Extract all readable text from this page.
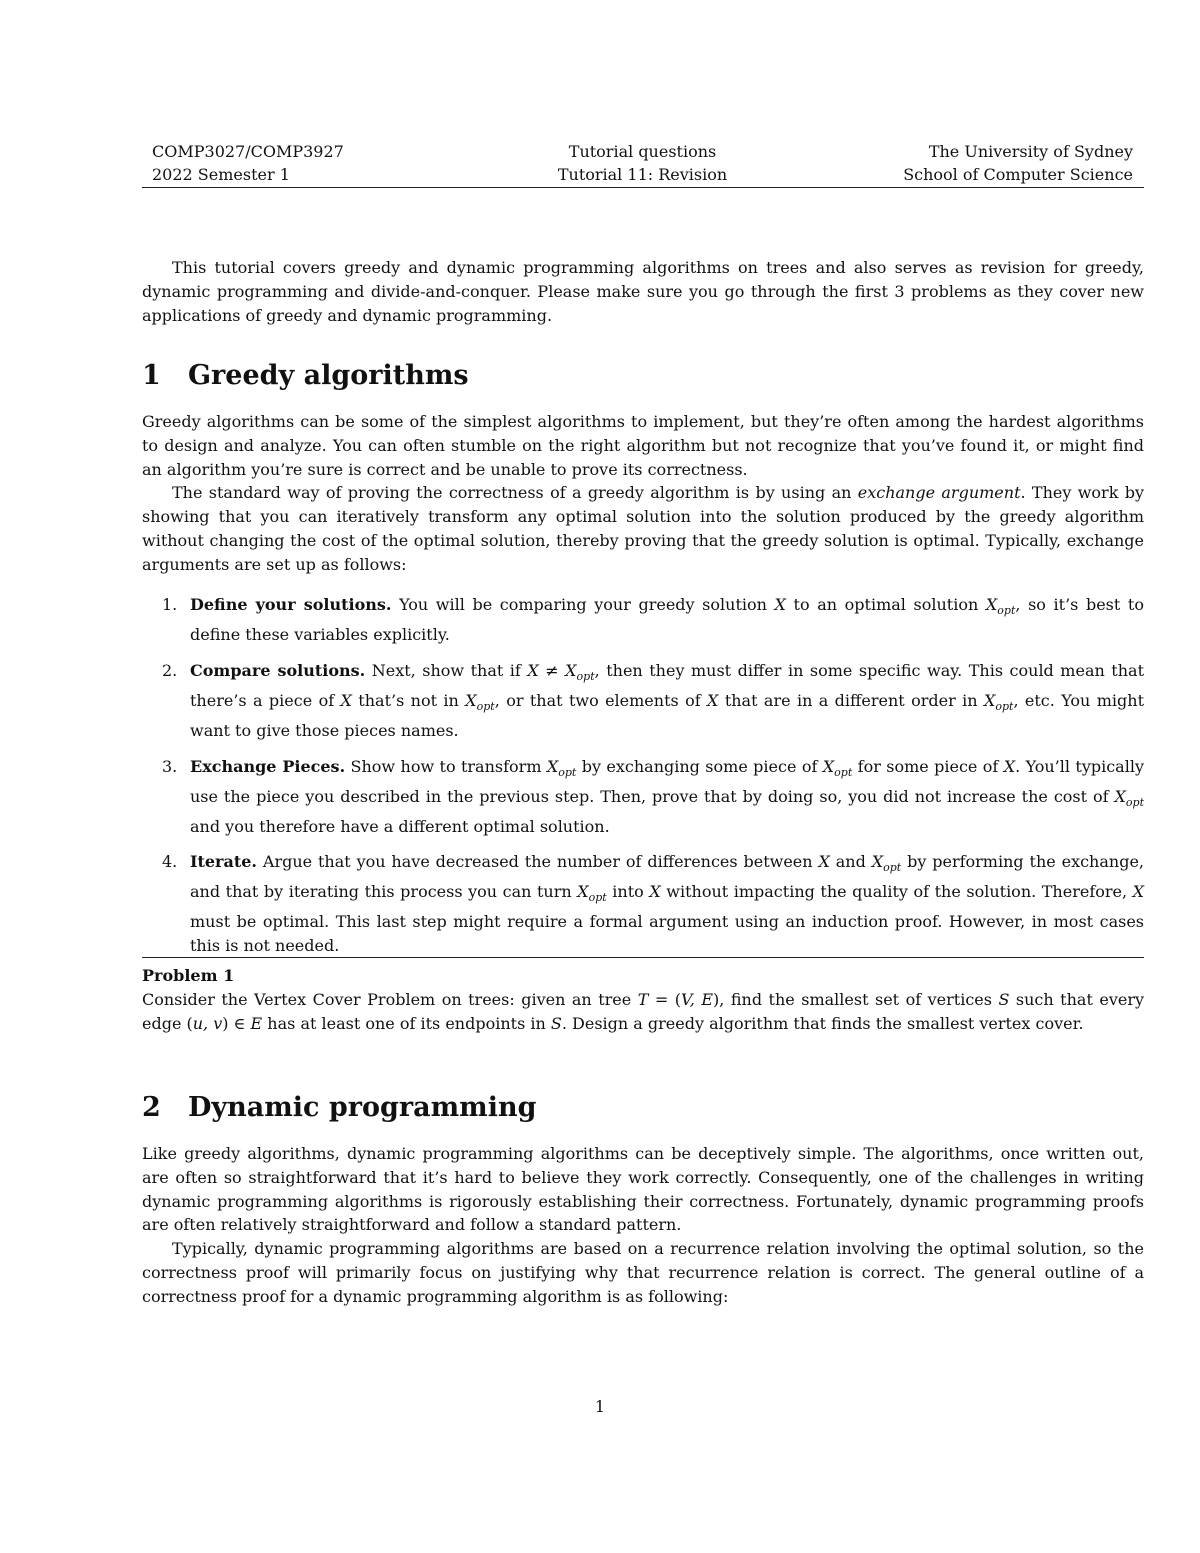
COMP3027/COMP3927	Tutorial questions	The University of Sydney
2022 Semester 1	Tutorial 11: Revision	School of Computer Science

This tutorial covers greedy and dynamic programming algorithms on trees and also serves as revision for greedy, dynamic programming and divide-and-conquer. Please make sure you go through the first 3 problems as they cover new applications of greedy and dynamic programming.

1 Greedy algorithms

Greedy algorithms can be some of the simplest algorithms to implement, but they’re often among the hardest algorithms to design and analyze. You can often stumble on the right algorithm but not recognize that you’ve found it, or might find an algorithm you’re sure is correct and be unable to prove its correctness.

The standard way of proving the correctness of a greedy algorithm is by using an exchange argument. They work by showing that you can iteratively transform any optimal solution into the solution produced by the greedy algorithm without changing the cost of the optimal solution, thereby proving that the greedy solution is optimal. Typically, exchange arguments are set up as follows:

1. Define your solutions. You will be comparing your greedy solution X to an optimal solution $X_{opt}$, so it’s best to define these variables explicitly.
2. Compare solutions. Next, show that if $X \ne X_{opt}$, then they must differ in some specific way. This could mean that there’s a piece of X that’s not in $X_{opt}$, or that two elements of X that are in a different order in $X_{opt}$, etc. You might want to give those pieces names.
3. Exchange Pieces. Show how to transform $X_{opt}$ by exchanging some piece of $X_{opt}$ for some piece of X. You’ll typically use the piece you described in the previous step. Then, prove that by doing so, you did not increase the cost of $X_{opt}$ and you therefore have a different optimal solution.
4. Iterate. Argue that you have decreased the number of differences between X and $X_{opt}$ by performing the exchange, and that by iterating this process you can turn $X_{opt}$ into X without impacting the quality of the solution. Therefore, X must be optimal. This last step might require a formal argument using an induction proof. However, in most cases this is not needed.
Problem 1

Consider the Vertex Cover Problem on trees: given an tree T = (V, E), find the smallest set of vertices S such that every edge (u, v) ∈ E has at least one of its endpoints in S. Design a greedy algorithm that finds the smallest vertex cover.

2 Dynamic programming

Like greedy algorithms, dynamic programming algorithms can be deceptively simple. The algorithms, once written out, are often so straightforward that it’s hard to believe they work correctly. Consequently, one of the challenges in writing dynamic programming algorithms is rigorously establishing their correctness. Fortunately, dynamic programming proofs are often relatively straightforward and follow a standard pattern.

Typically, dynamic programming algorithms are based on a recurrence relation involving the optimal solution, so the correctness proof will primarily focus on justifying why that recurrence relation is correct. The general outline of a correctness proof for a dynamic programming algorithm is as following:

1
